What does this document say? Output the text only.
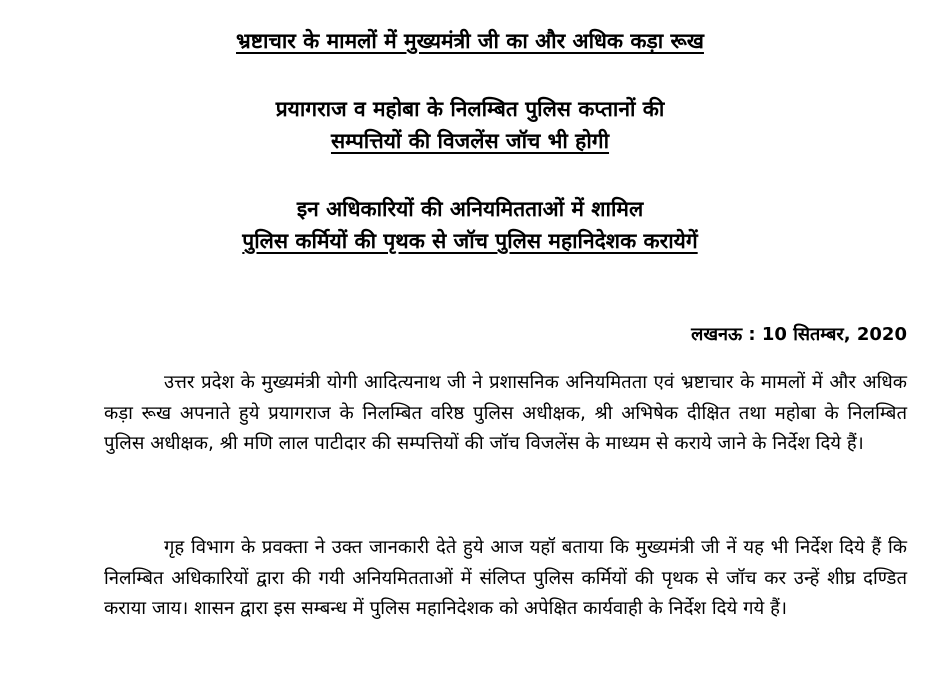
भ्रष्टाचार के मामलों में मुख्यमंत्री जी का और अधिक कड़ा रूख
प्रयागराज व महोबा के निलम्बित पुलिस कप्तानों की
सम्पत्तियों की विजलेंस जॉच भी होगी
इन अधिकारियों की अनियमितताओं में शामिल
पुलिस कर्मियों की पृथक से जॉच पुलिस महानिदेशक करायेगें
लखनऊ : 10 सितम्बर, 2020

उत्तर प्रदेश के मुख्यमंत्री योगी आदित्यनाथ जी ने प्रशासनिक अनियमितता एवं भ्रष्टाचार के मामलों में और अधिक कड़ा रूख अपनाते हुये प्रयागराज के निलम्बित वरिष्ठ पुलिस अधीक्षक, श्री अभिषेक दीक्षित तथा महोबा के निलम्बित पुलिस अधीक्षक, श्री मणि लाल पाटीदार की सम्पत्तियों की जॉच विजलेंस के माध्यम से कराये जाने के निर्देश दिये हैं।

गृह विभाग के प्रवक्ता ने उक्त जानकारी देते हुये आज यहॉ बताया कि मुख्यमंत्री जी नें यह भी निर्देश दिये हैं कि निलम्बित अधिकारियों द्वारा की गयी अनियमितताओं में संलिप्त पुलिस कर्मियों की पृथक से जॉच कर उन्हें शीघ्र दण्डित कराया जाय। शासन द्वारा इस सम्बन्ध में पुलिस महानिदेशक को अपेक्षित कार्यवाही के निर्देश दिये गये हैं।
